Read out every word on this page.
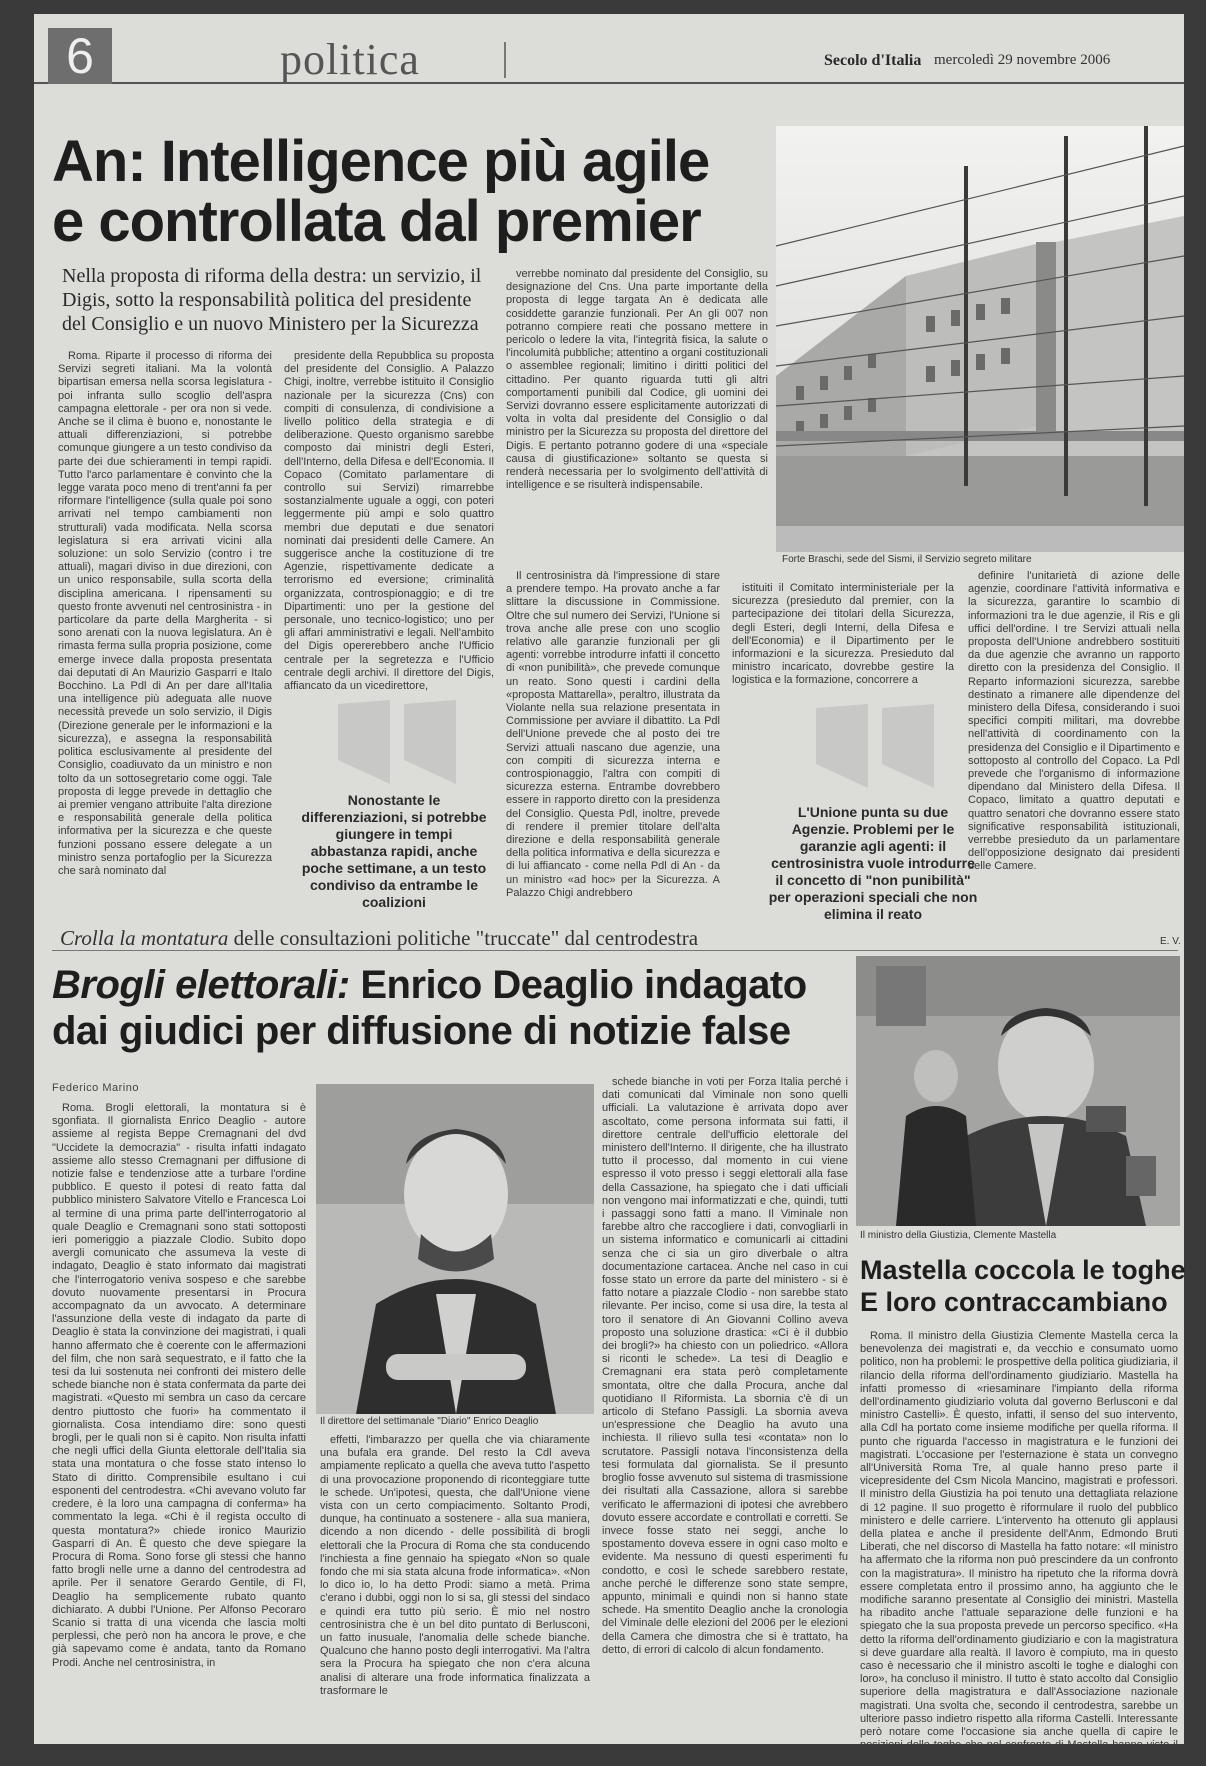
6	politica	Secolo d'Italia mercoledì 29 novembre 2006
An: Intelligence più agile
e controllata dal premier
Nella proposta di riforma della destra: un servizio, il Digis, sotto la responsabilità politica del presidente del Consiglio e un nuovo Ministero per la Sicurezza
Forte Braschi, sede del Sismi, il Servizio segreto militare

Roma. Riparte il processo di riforma dei Servizi segreti italiani. Ma la volontà bipartisan emersa nella scorsa legislatura - poi infranta sullo scoglio dell'aspra campagna elettorale - per ora non si vede. Anche se il clima è buono e, nonostante le attuali differenziazioni, si potrebbe comunque giungere a un testo condiviso da parte dei due schieramenti in tempi rapidi. Tutto l'arco parlamentare è convinto che la legge varata poco meno di trent'anni fa per riformare l'intelligence (sulla quale poi sono arrivati nel tempo cambiamenti non strutturali) vada modificata. Nella scorsa legislatura si era arrivati vicini alla soluzione: un solo Servizio (contro i tre attuali), magari diviso in due direzioni, con un unico responsabile, sulla scorta della disciplina americana. I ripensamenti su questo fronte avvenuti nel centrosinistra - in particolare da parte della Margherita - si sono arenati con la nuova legislatura. An è rimasta ferma sulla propria posizione, come emerge invece dalla proposta presentata dai deputati di An Maurizio Gasparri e Italo Bocchino. La Pdl di An per dare all'Italia una intelligence più adeguata alle nuove necessità prevede un solo servizio, il Digis (Direzione generale per le informazioni e la sicurezza), e assegna la responsabilità politica esclusivamente al presidente del Consiglio, coadiuvato da un ministro e non tolto da un sottosegretario come oggi. Tale proposta di legge prevede in dettaglio che ai premier vengano attribuite l'alta direzione e responsabilità generale della politica informativa per la sicurezza e che queste funzioni possano essere delegate a un ministro senza portafoglio per la Sicurezza che sarà nominato dal

presidente della Repubblica su proposta del presidente del Consiglio. A Palazzo Chigi, inoltre, verrebbe istituito il Consiglio nazionale per la sicurezza (Cns) con compiti di consulenza, di condivisione a livello politico della strategia e di deliberazione. Questo organismo sarebbe composto dai ministri degli Esteri, dell'Interno, della Difesa e dell'Economia. Il Copaco (Comitato parlamentare di controllo sui Servizi) rimarrebbe sostanzialmente uguale a oggi, con poteri leggermente più ampi e solo quattro membri due deputati e due senatori nominati dai presidenti delle Camere. An suggerisce anche la costituzione di tre Agenzie, rispettivamente dedicate a terrorismo ed eversione; criminalità organizzata, controspionaggio; e di tre Dipartimenti: uno per la gestione del personale, uno tecnico-logistico; uno per gli affari amministrativi e legali. Nell'ambito del Digis opererebbero anche l'Ufficio centrale per la segretezza e l'Ufficio centrale degli archivi. Il direttore del Digis, affiancato da un vicedirettore,

verrebbe nominato dal presidente del Consiglio, su designazione del Cns. Una parte importante della proposta di legge targata An è dedicata alle cosiddette garanzie funzionali. Per An gli 007 non potranno compiere reati che possano mettere in pericolo o ledere la vita, l'integrità fisica, la salute o l'incolumità pubbliche; attentino a organi costituzionali o assemblee regionali; limitino i diritti politici del cittadino. Per quanto riguarda tutti gli altri comportamenti punibili dal Codice, gli uomini dei Servizi dovranno essere esplicitamente autorizzati di volta in volta dal presidente del Consiglio o dal ministro per la Sicurezza su proposta del direttore del Digis. E pertanto potranno godere di una «speciale causa di giustificazione» soltanto se questa si renderà necessaria per lo svolgimento dell'attività di intelligence e se risulterà indispensabile.

Il centrosinistra dà l'impressione di stare a prendere tempo. Ha provato anche a far slittare la discussione in Commissione. Oltre che sul numero dei Servizi, l'Unione si trova anche alle prese con uno scoglio relativo alle garanzie funzionali per gli agenti: vorrebbe introdurre infatti il concetto di «non punibilità», che prevede comunque un reato. Sono questi i cardini della «proposta Mattarella», peraltro, illustrata da Violante nella sua relazione presentata in Commissione per avviare il dibattito. La Pdl dell'Unione prevede che al posto dei tre Servizi attuali nascano due agenzie, una con compiti di sicurezza interna e controspionaggio, l'altra con compiti di sicurezza esterna. Entrambe dovrebbero essere in rapporto diretto con la presidenza del Consiglio. Questa Pdl, inoltre, prevede di rendere il premier titolare dell'alta direzione e della responsabilità generale della politica informativa e della sicurezza e di lui affiancato - come nella Pdl di An - da un ministro «ad hoc» per la Sicurezza. A Palazzo Chigi andrebbero

istituiti il Comitato interministeriale per la sicurezza (presieduto dal premier, con la partecipazione dei titolari della Sicurezza, degli Esteri, degli Interni, della Difesa e dell'Economia) e il Dipartimento per le informazioni e la sicurezza. Presieduto dal ministro incaricato, dovrebbe gestire la logistica e la formazione, concorrere a

definire l'unitarietà di azione delle agenzie, coordinare l'attività informativa e la sicurezza, garantire lo scambio di informazioni tra le due agenzie, il Ris e gli uffici dell'ordine. I tre Servizi attuali nella proposta dell'Unione andrebbero sostituiti da due agenzie che avranno un rapporto diretto con la presidenza del Consiglio. Il Reparto informazioni sicurezza, sarebbe destinato a rimanere alle dipendenze del ministero della Difesa, considerando i suoi specifici compiti militari, ma dovrebbe nell'attività di coordinamento con la presidenza del Consiglio e il Dipartimento e sottoposto al controllo del Copaco. La Pdl prevede che l'organismo di informazione dipendano dal Ministero della Difesa. Il Copaco, limitato a quattro deputati e quattro senatori che dovranno essere stato significative responsabilità istituzionali, verrebbe presieduto da un parlamentare dell'opposizione designato dai presidenti delle Camere.

Nonostante le differenziazioni, si potrebbe giungere in tempi abbastanza rapidi, anche poche settimane, a un testo condiviso da entrambe le coalizioni
L'Unione punta su due Agenzie. Problemi per le garanzie agli agenti: il centrosinistra vuole introdurre il concetto di "non punibilità" per operazioni speciali che non elimina il reato
E. V.
Crolla la montatura delle consultazioni politiche "truccate" dal centrodestra
Brogli elettorali: Enrico Deaglio indagato dai giudici per diffusione di notizie false
Federico Marino

Roma. Brogli elettorali, la montatura si è sgonfiata. Il giornalista Enrico Deaglio - autore assieme al regista Beppe Cremagnani del dvd "Uccidete la democrazia" - risulta infatti indagato assieme allo stesso Cremagnani per diffusione di notizie false e tendenziose atte a turbare l'ordine pubblico. E questo il potesi di reato fatta dal pubblico ministero Salvatore Vitello e Francesca Loi al termine di una prima parte dell'interrogatorio al quale Deaglio e Cremagnani sono stati sottoposti ieri pomeriggio a piazzale Clodio. Subito dopo avergli comunicato che assumeva la veste di indagato, Deaglio è stato informato dai magistrati che l'interrogatorio veniva sospeso e che sarebbe dovuto nuovamente presentarsi in Procura accompagnato da un avvocato. A determinare l'assunzione della veste di indagato da parte di Deaglio è stata la convinzione dei magistrati, i quali hanno affermato che è coerente con le affermazioni del film, che non sarà sequestrato, e il fatto che la tesi da lui sostenuta nei confronti dei mistero delle schede bianche non è stata confermata da parte dei magistrati. «Questo mi sembra un caso da cercare dentro piuttosto che fuori» ha commentato il giornalista. Cosa intendiamo dire: sono questi brogli, per le quali non si è capito. Non risulta infatti che negli uffici della Giunta elettorale dell'Italia sia stata una montatura o che fosse stato intenso lo Stato di diritto. Comprensibile esultano i cui esponenti del centrodestra. «Chi avevano voluto far credere, è la loro una campagna di conferma» ha commentato la lega. «Chi è il regista occulto di questa montatura?» chiede ironico Maurizio Gasparri di An. È questo che deve spiegare la Procura di Roma. Sono forse gli stessi che hanno fatto brogli nelle urne a danno del centrodestra ad aprile. Per il senatore Gerardo Gentile, di FI, Deaglio ha semplicemente rubato quanto dichiarato. A dubbi l'Unione. Per Alfonso Pecoraro Scanio si tratta di una vicenda che lascia molti perplessi, che però non ha ancora le prove, e che già sapevamo come è andata, tanto da Romano Prodi. Anche nel centrosinistra, in

Il direttore del settimanale "Diario" Enrico Deaglio

effetti, l'imbarazzo per quella che via chiaramente una bufala era grande. Del resto la Cdl aveva ampiamente replicato a quella che aveva tutto l'aspetto di una provocazione proponendo di riconteggiare tutte le schede. Un'ipotesi, questa, che dall'Unione viene vista con un certo compiacimento. Soltanto Prodi, dunque, ha continuato a sostenere - alla sua maniera, dicendo a non dicendo - delle possibilità di brogli elettorali che la Procura di Roma che sta conducendo l'inchiesta a fine gennaio ha spiegato «Non so quale fondo che mi sia stata alcuna frode informatica». «Non lo dico io, lo ha detto Prodi: siamo a metà. Prima c'erano i dubbi, oggi non lo si sa, gli stessi del sindaco e quindi era tutto più serio. È mio nel nostro centrosinistra che è un bel dito puntato di Berlusconi, un fatto inusuale, l'anomalia delle schede bianche. Qualcuno che hanno posto degli interrogativi. Ma l'altra sera la Procura ha spiegato che non c'era alcuna analisi di alterare una frode informatica finalizzata a trasformare le

schede bianche in voti per Forza Italia perché i dati comunicati dal Viminale non sono quelli ufficiali. La valutazione è arrivata dopo aver ascoltato, come persona informata sui fatti, il direttore centrale dell'ufficio elettorale del ministero dell'Interno. Il dirigente, che ha illustrato tutto il processo, dal momento in cui viene espresso il voto presso i seggi elettorali alla fase della Cassazione, ha spiegato che i dati ufficiali non vengono mai informatizzati e che, quindi, tutti i passaggi sono fatti a mano. Il Viminale non farebbe altro che raccogliere i dati, convogliarli in un sistema informatico e comunicarli ai cittadini senza che ci sia un giro diverbale o altra documentazione cartacea. Anche nel caso in cui fosse stato un errore da parte del ministero - si è fatto notare a piazzale Clodio - non sarebbe stato rilevante. Per inciso, come si usa dire, la testa al toro il senatore di An Giovanni Collino aveva proposto una soluzione drastica: «Ci è il dubbio dei brogli?» ha chiesto con un poliedrico. «Allora si riconti le schede». La tesi di Deaglio e Cremagnani era stata però completamente smontata, oltre che dalla Procura, anche dal quotidiano Il Riformista. La sbornia c'è di un articolo di Stefano Passigli. La sbornia aveva un'espressione che Deaglio ha avuto una inchiesta. Il rilievo sulla tesi «contata» non lo scrutatore. Passigli notava l'inconsistenza della tesi formulata dal giornalista. Se il presunto broglio fosse avvenuto sul sistema di trasmissione dei risultati alla Cassazione, allora si sarebbe verificato le affermazioni di ipotesi che avrebbero dovuto essere accordate e controllati e corretti. Se invece fosse stato nei seggi, anche lo spostamento doveva essere in ogni caso molto e evidente. Ma nessuno di questi esperimenti fu condotto, e così le schede sarebbero restate, anche perché le differenze sono state sempre, appunto, minimali e quindi non si hanno state schede. Ha smentito Deaglio anche la cronologia del Viminale delle elezioni del 2006 per le elezioni della Camera che dimostra che si è trattato, ha detto, di errori di calcolo di alcun fondamento.

Il ministro della Giustizia, Clemente Mastella
Mastella coccola le toghe
E loro contraccambiano

Roma. Il ministro della Giustizia Clemente Mastella cerca la benevolenza dei magistrati e, da vecchio e consumato uomo politico, non ha problemi: le prospettive della politica giudiziaria, il rilancio della riforma dell'ordinamento giudiziario. Mastella ha infatti promesso di «riesaminare l'impianto della riforma dell'ordinamento giudiziario voluta dal governo Berlusconi e dal ministro Castelli». È questo, infatti, il senso del suo intervento, alla Cdl ha portato come insieme modifiche per quella riforma. Il punto che riguarda l'accesso in magistratura e le funzioni dei magistrati. L'occasione per l'esternazione è stata un convegno all'Università Roma Tre, al quale hanno preso parte il vicepresidente del Csm Nicola Mancino, magistrati e professori. Il ministro della Giustizia ha poi tenuto una dettagliata relazione di 12 pagine. Il suo progetto è riformulare il ruolo del pubblico ministero e delle carriere. L'intervento ha ottenuto gli applausi della platea e anche il presidente dell'Anm, Edmondo Bruti Liberati, che nel discorso di Mastella ha fatto notare: «Il ministro ha affermato che la riforma non può prescindere da un confronto con la magistratura». Il ministro ha ripetuto che la riforma dovrà essere completata entro il prossimo anno, ha aggiunto che le modifiche saranno presentate al Consiglio dei ministri. Mastella ha ribadito anche l'attuale separazione delle funzioni e ha spiegato che la sua proposta prevede un percorso specifico. «Ha detto la riforma dell'ordinamento giudiziario e con la magistratura si deve guardare alla realtà. Il lavoro è compiuto, ma in questo caso è necessario che il ministro ascolti le toghe e dialoghi con loro», ha concluso il ministro. Il tutto è stato accolto dal Consiglio superiore della magistratura e dall'Associazione nazionale magistrati. Una svolta che, secondo il centrodestra, sarebbe un ulteriore passo indietro rispetto alla riforma Castelli. Interessante però notare come l'occasione sia anche quella di capire le posizioni delle toghe che nel confronto di Mastella hanno visto il proprio interlocutore preferito, secondo le nostre informazioni.
